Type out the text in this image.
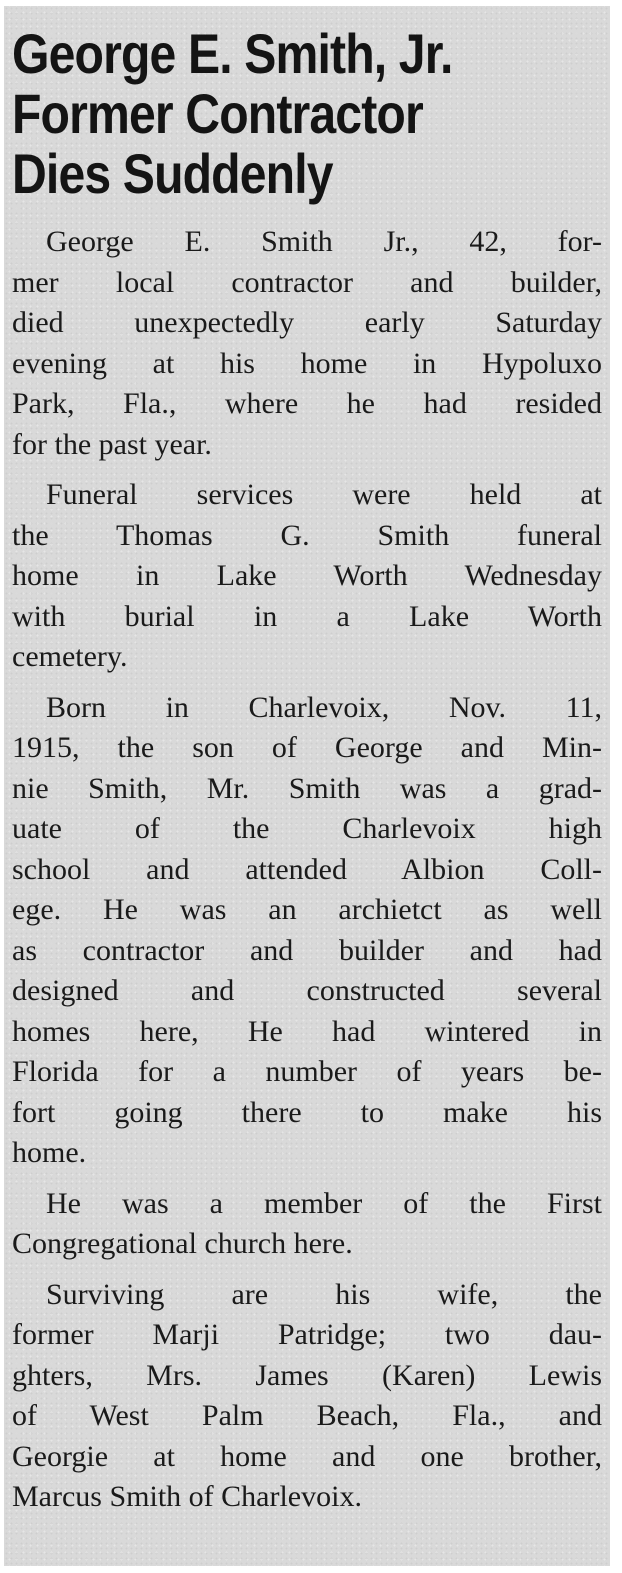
George E. Smith, Jr.
Former Contractor
Dies Suddenly
George E. Smith Jr., 42, for-
mer local contractor and builder,
died unexpectedly early Saturday
evening at his home in Hypoluxo
Park, Fla., where he had resided
for the past year.
Funeral services were held at
the Thomas G. Smith funeral
home in Lake Worth Wednesday
with burial in a Lake Worth
cemetery.
Born in Charlevoix, Nov. 11,
1915, the son of George and Min-
nie Smith, Mr. Smith was a grad-
uate of the Charlevoix high
school and attended Albion Coll-
ege. He was an archietct as well
as contractor and builder and had
designed and constructed several
homes here, He had wintered in
Florida for a number of years be-
fort going there to make his
home.
He was a member of the First
Congregational church here.
Surviving are his wife, the
former Marji Patridge; two dau-
ghters, Mrs. James (Karen) Lewis
of West Palm Beach, Fla., and
Georgie at home and one brother,
Marcus Smith of Charlevoix.
